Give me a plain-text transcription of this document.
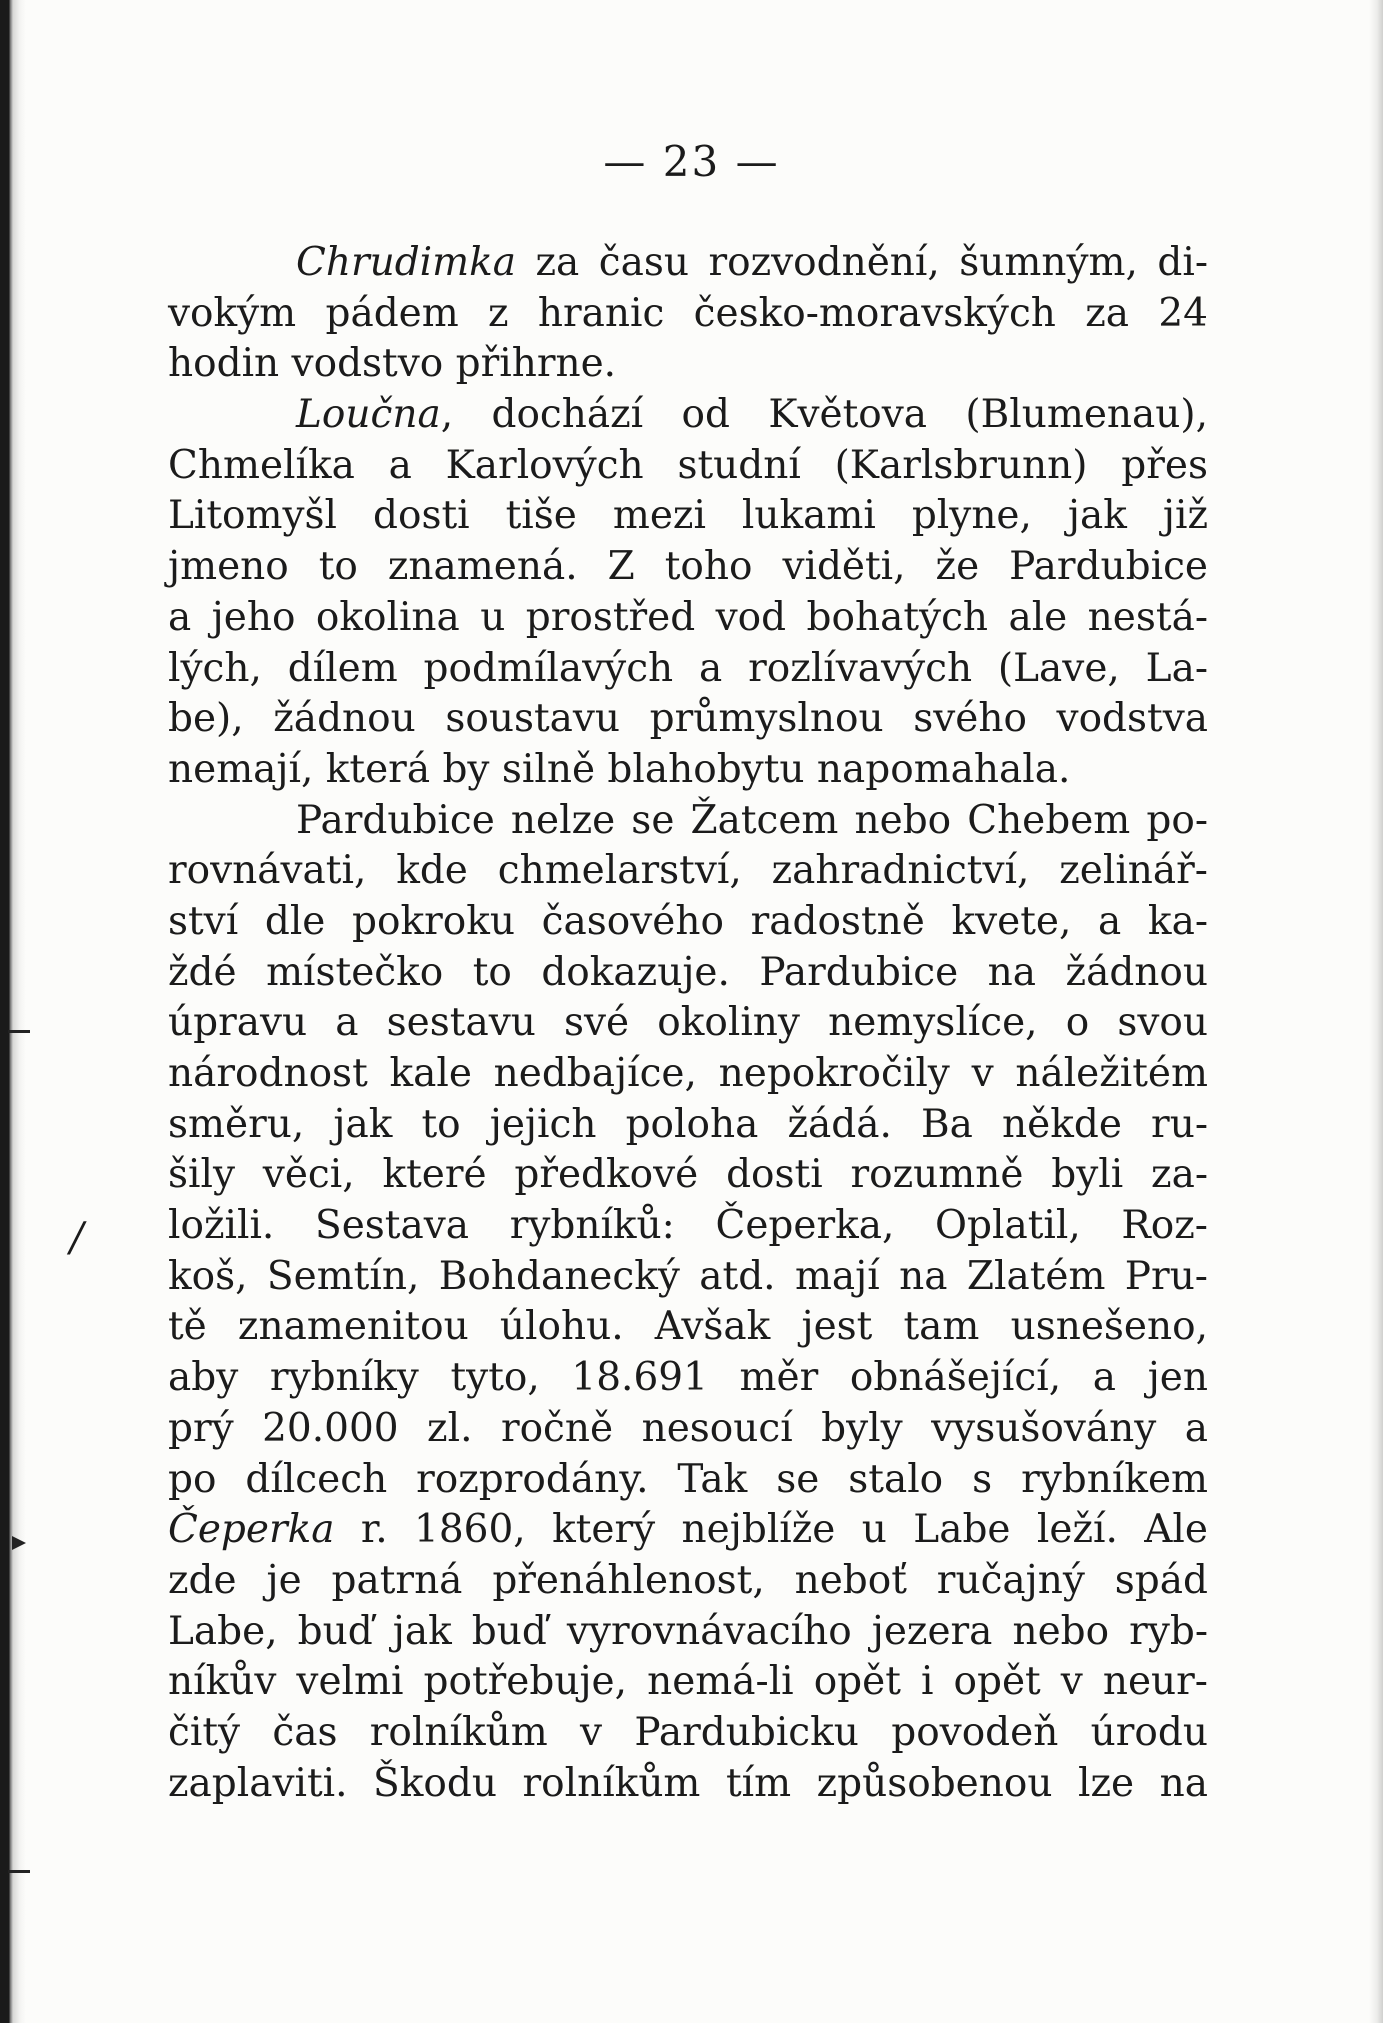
— 23 —
/
Chrudimka za času rozvodnění, šumným, di-
vokým pádem z hranic česko-moravských za 24
hodin vodstvo přihrne.
Loučna, dochází od Květova (Blumenau),
Chmelíka a Karlových studní (Karlsbrunn) přes
Litomyšl dosti tiše mezi lukami plyne, jak již
jmeno to znamená. Z toho viděti, že Pardubice
a jeho okolina u prostřed vod bohatých ale nestá-
lých, dílem podmílavých a rozlívavých (Lave, La-
be), žádnou soustavu průmyslnou svého vodstva
nemají, která by silně blahobytu napomahala.
Pardubice nelze se Žatcem nebo Chebem po-
rovnávati, kde chmelarství, zahradnictví, zelinář-
ství dle pokroku časového radostně kvete, a ka-
ždé místečko to dokazuje. Pardubice na žádnou
úpravu a sestavu své okoliny nemyslíce, o svou
národnost kale nedbajíce, nepokročily v náležitém
směru, jak to jejich poloha žádá. Ba někde ru-
šily věci, které předkové dosti rozumně byli za-
ložili. Sestava rybníků: Čeperka, Oplatil, Roz-
koš, Semtín, Bohdanecký atd. mají na Zlatém Pru-
tě znamenitou úlohu. Avšak jest tam usnešeno,
aby rybníky tyto, 18.691 měr obnášející, a jen
prý 20.000 zl. ročně nesoucí byly vysušovány a
po dílcech rozprodány. Tak se stalo s rybníkem
Čeperka r. 1860, který nejblíže u Labe leží. Ale
zde je patrná přenáhlenost, neboť ručajný spád
Labe, buď jak buď vyrovnávacího jezera nebo ryb-
níkův velmi potřebuje, nemá-li opět i opět v neur-
čitý čas rolníkům v Pardubicku povodeň úrodu
zaplaviti. Škodu rolníkům tím způsobenou lze na
